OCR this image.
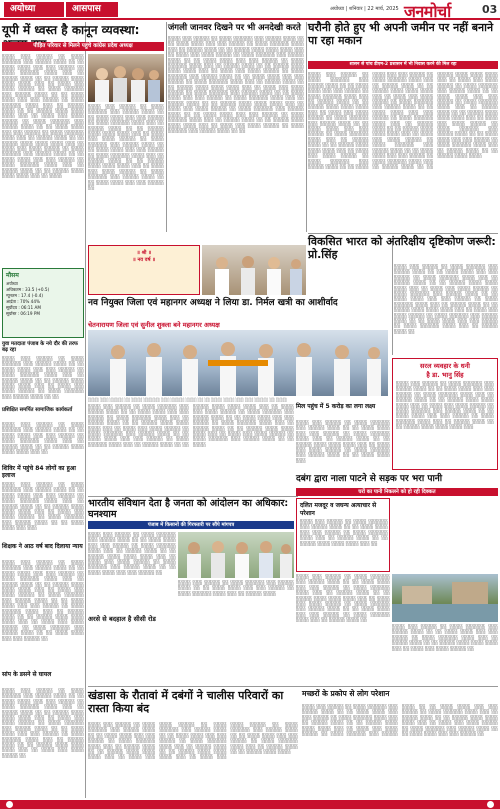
अयोध्या	आसपास	अयोध्या | शनिवार | 22 मार्च, 2025 जनमोर्चा	03
यूपी में ध्वस्त है कानून व्यवस्था:
पीड़ित परिवार से मिलने पहुंचे कांग्रेस प्रदेश अध्यक्ष
░░░░ ░░░ ░░░░░ ░░ ░░░░ ░░░░░░ ░░░ ░░░░░ ░░░░ ░░ ░░ ░░░░ ░░░░ ░░░ ░░░ ░░░░░ ░░ ░░░░ ░░░░░░ ░░░░ ░░░ ░░ ░░░░░ ░░░░ ░░ ░░ ░░░░░ ░░░░ ░░░░ ░░░░ ░░░ ░░ ░░░░ ░░░ ░░░░ ░░░░░ ░░ ░░░░ ░░░░░░ ░░░ ░░░░░ ░░░░ ░░ ░░ ░░░░ ░░░░ ░░░ ░░░ ░░░░░ ░░ ░░░░ ░░░░░░ ░░░░ ░░░ ░░ ░░░░░ ░░░░ ░░ ░░ ░░░░░ ░░░░ ░░░░ ░░░░ ░░░ ░░ ░░░░ ░░░ ░░░░ ░░░░░ ░░ ░░░░ ░░░░░░ ░░░ ░░░░░ ░░░░ ░░ ░░ ░░░░ ░░░░ ░░░ ░░░ ░░░░░ ░░ ░░░░ ░░░░░░ ░░░░ ░░░ ░░ ░░░░░ ░░░░ ░░ ░░ ░░░░░ ░░░░ ░░░░ ░░░░ ░░░ ░░ ░░░░ ░░░ ░░░░ ░░░░░ ░░ ░░░░ ░░░░░░ ░░░ ░░░░░ ░░░░ ░░ ░░ ░░░░ ░░░░ ░░░ ░░░ ░░░░░ ░░ ░░░░ ░░░░░░ ░░░░ ░░░ ░░ ░░░░░ ░░░░ ░░ ░░ ░░░░░ ░░░░ ░░░░ ░░░░ ░░░ ░░ ░░░░
░░░░ ░░░ ░░░░░ ░░ ░░░░ ░░░░░░ ░░░ ░░░░░ ░░░░ ░░ ░░ ░░░░ ░░░░ ░░░ ░░░ ░░░░░ ░░ ░░░░ ░░░░░░ ░░░░ ░░░ ░░ ░░░░░ ░░░░ ░░ ░░ ░░░░░ ░░░░ ░░░░ ░░░░ ░░░ ░░ ░░░░ ░░░ ░░░░ ░░░░░ ░░ ░░░░ ░░░░░░ ░░░ ░░░░░ ░░░░ ░░ ░░ ░░░░ ░░░░ ░░░ ░░░ ░░░░░ ░░ ░░░░ ░░░░░░ ░░░░ ░░░ ░░ ░░░░░ ░░░░ ░░ ░░ ░░░░░ ░░░░ ░░░░ ░░░░ ░░░ ░░ ░░░░ ░░░ ░░░░ ░░░░░ ░░ ░░░░ ░░░░░░ ░░░ ░░░░░ ░░░░ ░░ ░░ ░░░░ ░░░░ ░░░ ░░░ ░░░░░ ░░
जंगली जानवर दिखने पर भी अनदेखी करते
░░░░ ░░░ ░░░░░ ░░ ░░░░ ░░░░░░ ░░░ ░░░░░ ░░░░ ░░ ░░ ░░░░ ░░░░ ░░░ ░░░ ░░░░░ ░░ ░░░░ ░░░░░░ ░░░░ ░░░ ░░ ░░░░░ ░░░░ ░░ ░░ ░░░░░ ░░░░ ░░░░ ░░░░ ░░░ ░░ ░░░░ ░░░ ░░░░ ░░░░░ ░░ ░░░░ ░░░░░░ ░░░ ░░░░░ ░░░░ ░░ ░░ ░░░░ ░░░░ ░░░ ░░░ ░░░░░ ░░ ░░░░ ░░░░░░ ░░░░ ░░░ ░░ ░░░░░ ░░░░ ░░ ░░ ░░░░░ ░░░░ ░░░░ ░░░░ ░░░ ░░ ░░░░ ░░░ ░░░░ ░░░░░ ░░ ░░░░ ░░░░░░ ░░░ ░░░░░ ░░░░ ░░ ░░ ░░░░ ░░░░ ░░░ ░░░ ░░░░░ ░░ ░░░░ ░░░░░░ ░░░░ ░░░ ░░ ░░░░░ ░░░░ ░░ ░░ ░░░░░ ░░░░ ░░░░ ░░░░ ░░░ ░░ ░░░░ ░░░ ░░░░ ░░░░░ ░░ ░░░░ ░░░░░░ ░░░ ░░░░░ ░░░░ ░░ ░░ ░░░░ ░░░░ ░░░ ░░░ ░░░░░ ░░ ░░░░ ░░░░░░ ░░░░ ░░░ ░░ ░░░░░ ░░░░ ░░ ░░ ░░░░░ ░░░░ ░░░░ ░░░░ ░░░ ░░ ░░░░ ░░░ ░░░░ ░░░░░ ░░ ░░░░ ░░░░░░ ░░░ ░░░░░ ░░░░ ░░ ░░ ░░░░ ░░░░ ░░░ ░░░ ░░░░░ ░░ ░░░░ ░░░░░░ ░░░░ ░░░ ░░ ░░░░░ ░░░░ ░░ ░░ ░░░░░ ░░░░ ░░░░ ░░░░ ░░░ ░░ ░░░░ ░░░ ░░░░ ░░░░░ ░░ ░░░░ ░░░░░░ ░░░ ░░░░░ ░░░░ ░░ ░░
घरौनी होते हुए भी अपनी जमीन पर नहीं बनाने पा रहा मकान
शासन से पांच डीएम-2 प्रशासन में भी निवास करने की मिल रहा
░░░░ ░░░ ░░░░░ ░░ ░░░░ ░░░░░░ ░░░ ░░░░░ ░░░░ ░░ ░░ ░░░░ ░░░░ ░░░ ░░░ ░░░░░ ░░ ░░░░ ░░░░░░ ░░░░ ░░░ ░░ ░░░░░ ░░░░ ░░ ░░ ░░░░░ ░░░░ ░░░░ ░░░░ ░░░ ░░ ░░░░ ░░░ ░░░░ ░░░░░ ░░ ░░░░ ░░░░░░ ░░░ ░░░░░ ░░░░ ░░ ░░ ░░░░ ░░░░ ░░░ ░░░ ░░░░░ ░░ ░░░░ ░░░░░░ ░░░░ ░░░ ░░ ░░░░░ ░░░░ ░░ ░░ ░░░░░ ░░░░ ░░░░ ░░░░ ░░░ ░░ ░░░░ ░░░ ░░░░ ░░░░░ ░░ ░░░░ ░░░░░░ ░░░ ░░░░░ ░░░░ ░░ ░░ ░░░░ ░░░░ ░░░ ░░░ ░░░░░ ░░ ░░░░ ░░░░░░ ░░░░ ░░░ ░░ ░░░░░ ░░░░ ░░ ░░ ░░░░░ ░░░░ ░░░░ ░░░░ ░░░ ░░ ░░░░ ░░░ ░░░░ ░░░░░ ░░ ░░░░ ░░░░░░ ░░░ ░░░░░ ░░░░ ░░ ░░ ░░░░ ░░░░ ░░░ ░░░ ░░░░░ ░░ ░░░░ ░░░░░░ ░░░░ ░░░ ░░ ░░░░░ ░░░░ ░░ ░░ ░░░░░ ░░░░ ░░░░ ░░░░ ░░░ ░░ ░░░░ ░░░ ░░░░ ░░░░░ ░░ ░░░░ ░░░░░░ ░░░ ░░░░░ ░░░░ ░░ ░░ ░░░░ ░░░░ ░░░ ░░░ ░░░░░ ░░ ░░░░ ░░░░░░ ░░░░ ░░░ ░░ ░░░░░ ░░░░ ░░ ░░ ░░░░░ ░░░░ ░░░░ ░░░░ ░░░ ░░ ░░░░ ░░░ ░░░░ ░░░░░ ░░ ░░░░ ░░░░░░ ░░░ ░░░░░ ░░░░ ░░ ░░ ░░░░ ░░░░ ░░░ ░░░ ░░░░░ ░░ ░░░░ ░░░░░░ ░░░░ ░░░ ░░ ░░░░░ ░░░░ ░░ ░░ ░░░░░ ░░░░ ░░░░ ░░░░ ░░░ ░░ ░░░░ ░░░ ░░░░ ░░░░░ ░░ ░░░░ ░░░░░░ ░░░ ░░░░░ ░░░░ ░░ ░░ ░░░░ ░░░░ ░░░ ░░░ ░░░░░ ░░ ░░░░ ░░░░░░ ░░░░ ░░░ ░░ ░░░░░ ░░░░ ░░ ░░ ░░░░░ ░░░░ ░░░░
विकसित भारत को अंतरिक्षीय दृष्टिकोण जरूरी: प्रो.सिंह
░░░░ ░░░ ░░░░░ ░░ ░░░░ ░░░░░░ ░░░ ░░░░░ ░░░░ ░░ ░░ ░░░░ ░░░░ ░░░ ░░░ ░░░░░ ░░ ░░░░ ░░░░░░ ░░░░ ░░░ ░░ ░░░░░ ░░░░ ░░ ░░ ░░░░░ ░░░░ ░░░░ ░░░░ ░░░ ░░ ░░░░ ░░░ ░░░░ ░░░░░ ░░ ░░░░ ░░░░░░ ░░░ ░░░░░ ░░░░ ░░ ░░ ░░░░ ░░░░ ░░░ ░░░ ░░░░░ ░░ ░░░░ ░░░░░░ ░░░░ ░░░ ░░ ░░░░░ ░░░░ ░░ ░░ ░░░░░ ░░░░ ░░░░ ░░░░ ░░░ ░░ ░░░░ ░░░ ░░░░ ░░░░░ ░░ ░░░░ ░░░░░░ ░░░ ░░░░░ ░░░░ ░░ ░░ ░░░░ ░░░░ ░░░ ░░░ ░░░░░ ░░ ░░░░ ░░░░░░ ░░░░ ░░░ ░░ ░░░░░ ░░░░ ░░
मौसम
अयोध्या
अधिकतम : 33.5 (+0.5)
न्यूनतम : 17.4 (-0.4)
आर्द्रता : 70% 44%
सूर्योदय : 06:11 AM
सूर्यास्त : 06:19 PM
युवा मतदाता पंजाब के नये दौर की तरफ बढ़ रहा
░░░░ ░░░ ░░░░░ ░░ ░░░░ ░░░░░░ ░░░ ░░░░░ ░░░░ ░░ ░░ ░░░░ ░░░░ ░░░ ░░░ ░░░░░ ░░ ░░░░ ░░░░░░ ░░░░ ░░░ ░░ ░░░░░ ░░░░ ░░ ░░ ░░░░░ ░░░░ ░░░░ ░░░░ ░░░ ░░ ░░░░ ░░░ ░░░░ ░░░░░ ░░ ░░░░ ░░░░░░ ░░░ ░░░░░ ░░░░ ░░ ░░
प्रशिक्षित समर्पित सामाजिक कार्यकर्ता
░░░░ ░░░ ░░░░░ ░░ ░░░░ ░░░░░░ ░░░ ░░░░░ ░░░░ ░░ ░░ ░░░░ ░░░░ ░░░ ░░░ ░░░░░ ░░ ░░░░ ░░░░░░ ░░░░ ░░░ ░░ ░░░░░ ░░░░ ░░ ░░ ░░░░░ ░░░░ ░░░░ ░░░░ ░░░ ░░
शिविर में पहुंचे 84 लोगों का हुआ इलाज
░░░░ ░░░ ░░░░░ ░░ ░░░░ ░░░░░░ ░░░ ░░░░░ ░░░░ ░░ ░░ ░░░░ ░░░░ ░░░ ░░░ ░░░░░ ░░ ░░░░ ░░░░░░ ░░░░ ░░░ ░░ ░░░░░ ░░░░ ░░ ░░ ░░░░░ ░░░░ ░░░░ ░░░░ ░░░ ░░ ░░░░ ░░░ ░░░░ ░░░░░ ░░ ░░░░ ░░░░░░ ░░░ ░░░░░ ░░░░ ░░ ░░ ░░░░ ░░░░ ░░░ ░░░
शिक्षक ने आठ वर्ष बाद दिलाया न्याय
░░░░ ░░░ ░░░░░ ░░ ░░░░ ░░░░░░ ░░░ ░░░░░ ░░░░ ░░ ░░ ░░░░ ░░░░ ░░░ ░░░ ░░░░░ ░░ ░░░░ ░░░░░░ ░░░░ ░░░ ░░ ░░░░░ ░░░░ ░░ ░░ ░░░░░ ░░░░ ░░░░ ░░░░ ░░░ ░░ ░░░░ ░░░ ░░░░ ░░░░░ ░░ ░░░░ ░░░░░░ ░░░ ░░░░░ ░░░░ ░░ ░░ ░░░░ ░░░░ ░░░ ░░░ ░░░░░ ░░ ░░░░ ░░░░░░ ░░░░ ░░░ ░░ ░░░░░ ░░░░ ░░ ░░ ░░░░░ ░░░░ ░░░░ ░░░░ ░░░ ░░ ░░░░ ░░░ ░░░░ ░░░░░ ░░ ░░░░ ░░░░░░ ░░░ ░░░░░ ░░░░ ░░ ░░ ░░░░ ░░░░ ░░░ ░░░ ░░░░░ ░░
सांप के डसने से घायल
░░░░ ░░░ ░░░░░ ░░ ░░░░ ░░░░░░ ░░░ ░░░░░ ░░░░ ░░ ░░ ░░░░ ░░░░ ░░░ ░░░ ░░░░░ ░░ ░░░░ ░░░░░░ ░░░░ ░░░ ░░ ░░░░░ ░░░░ ░░ ░░ ░░░░░ ░░░░ ░░░░ ░░░░ ░░░ ░░ ░░░░ ░░░ ░░░░ ░░░░░ ░░ ░░░░ ░░░░░░ ░░░ ░░░░░ ░░░░ ░░ ░░ ░░░░ ░░░░ ░░░ ░░░ ░░░░░ ░░ ░░░░ ░░░░░░ ░░░░ ░░░ ░░ ░░░░░ ░░░░ ░░ ░░ ░░░░░ ░░░░ ░░░░ ░░░░ ░░░ ░░ ░░░░ ░░░ ░░░░ ░░░░░ ░░
॥ श्री ॥
॥ नव वर्ष ॥
नव नियुक्त जिला एवं महानगर अध्यक्ष ने लिया डा. निर्मल खत्री का आशीर्वाद
चेतनारायण जिला एवं सुनील शुक्ला बने महानगर अध्यक्ष
░░░░ ░░░ ░░░░░ ░░ ░░░░ ░░░░░░ ░░░ ░░░░░ ░░░░ ░░ ░░ ░░░░ ░░░░ ░░░ ░░░ ░░░░░ ░░ ░░░░
░░░░ ░░░ ░░░░░ ░░ ░░░░ ░░░░░░ ░░░ ░░░░░ ░░░░ ░░ ░░ ░░░░ ░░░░ ░░░ ░░░ ░░░░░ ░░ ░░░░ ░░░░░░ ░░░░ ░░░ ░░ ░░░░░ ░░░░ ░░ ░░ ░░░░░ ░░░░ ░░░░ ░░░░ ░░░ ░░ ░░░░ ░░░ ░░░░ ░░░░░ ░░ ░░░░ ░░░░░░ ░░░ ░░░░░ ░░░░ ░░ ░░ ░░░░ ░░░░ ░░░ ░░░ ░░░░░ ░░ ░░░░ ░░░░░░ ░░░░ ░░░ ░░ ░░░░░ ░░░░ ░░ ░░ ░░░░░ ░░░░ ░░░░ ░░░░ ░░░ ░░ ░░░░ ░░░ ░░░░ ░░░░░ ░░ ░░░░ ░░░░░░ ░░░ ░░░░░ ░░░░ ░░ ░░ ░░░░ ░░░░ ░░░ ░░░ ░░░░░ ░░ ░░░░ ░░░░░░ ░░░░ ░░░ ░░ ░░░░░ ░░░░ ░░ ░░ ░░░░░ ░░░░ ░░░░ ░░░░ ░░░ ░░ ░░░░ ░░░ ░░░░ ░░░░░ ░░ ░░░░ ░░░░░░ ░░░ ░░░░░ ░░░░ ░░ ░░ ░░░░
सरल व्यवहार के धनी
है डा. भानु सिंह
░░░░ ░░░ ░░░░░ ░░ ░░░░ ░░░░░░ ░░░ ░░░░░ ░░░░ ░░ ░░ ░░░░ ░░░░ ░░░ ░░░ ░░░░░ ░░ ░░░░ ░░░░░░ ░░░░ ░░░ ░░ ░░░░░ ░░░░ ░░ ░░ ░░░░░ ░░░░ ░░░░ ░░░░ ░░░ ░░ ░░░░ ░░░ ░░░░ ░░░░░ ░░ ░░░░ ░░░░░░ ░░░ ░░░░░ ░░░░ ░░ ░░ ░░░░ ░░░░ ░░░ ░░░ ░░░░░ ░░ ░░░░ ░░░░░░ ░░░░ ░░░ ░░ ░░░░░ ░░░░ ░░ ░░ ░░░░░ ░░░░ ░░░░ ░░░░ ░░░
मिल पहुंच में 5 करोड़ का लगा लक्ष्य
░░░░ ░░░ ░░░░░ ░░ ░░░░ ░░░░░░ ░░░ ░░░░░ ░░░░ ░░ ░░ ░░░░ ░░░░ ░░░ ░░░ ░░░░░ ░░ ░░░░ ░░░░░░ ░░░░ ░░░ ░░ ░░░░░ ░░░░ ░░ ░░ ░░░░░ ░░░░ ░░░░ ░░░░ ░░░ ░░ ░░░░ ░░░ ░░░░ ░░░░░ ░░ ░░░░ ░░░░░░ ░░░ ░░░░░ ░░░░ ░░ ░░ ░░░░ ░░░░ ░░░
भारतीय संविधान देता है जनता को आंदोलन का अधिकार: घनश्याम
पंजाब में किसानों की गिरफ्तारी पर सौंपे मांगपत्र
░░░░ ░░░ ░░░░░ ░░ ░░░░ ░░░░░░ ░░░ ░░░░░ ░░░░ ░░ ░░ ░░░░ ░░░░ ░░░ ░░░ ░░░░░ ░░ ░░░░ ░░░░░░ ░░░░ ░░░ ░░ ░░░░░ ░░░░ ░░ ░░ ░░░░░ ░░░░ ░░░░ ░░░░ ░░░ ░░ ░░░░ ░░░ ░░░░ ░░░░░ ░░ ░░░░ ░░░░░░ ░░░ ░░░░░ ░░░░ ░░ ░░ ░░░░ ░░░░ ░░░ ░░░ ░░░░░ ░░
░░░░ ░░░ ░░░░░ ░░ ░░░░ ░░░░░░ ░░░ ░░░░░ ░░░░ ░░ ░░ ░░░░ ░░░░ ░░░ ░░░ ░░░░░ ░░ ░░░░ ░░░░░░ ░░░░ ░░░ ░░ ░░░░░ ░░░░
अरसे से बदहाल है सीसी रोड
दलित मजदूर व जघन्य अत्याचार से परेशान
░░░░ ░░░ ░░░░░ ░░ ░░░░ ░░░░░░ ░░░ ░░░░░ ░░░░ ░░ ░░ ░░░░ ░░░░ ░░░ ░░░ ░░░░░ ░░ ░░░░ ░░░░░░ ░░░░ ░░░ ░░ ░░░░░ ░░░░ ░░ ░░ ░░░░░ ░░░░ ░░░░ ░░░░ ░░░ ░░
दबंग द्वारा नाला पाटने से सड़क पर भरा पानी
घरों का पानी निकलने को हो रही दिक्कत
░░░░ ░░░ ░░░░░ ░░ ░░░░ ░░░░░░ ░░░ ░░░░░ ░░░░ ░░ ░░ ░░░░ ░░░░ ░░░ ░░░ ░░░░░ ░░ ░░░░ ░░░░░░ ░░░░ ░░░ ░░ ░░░░░ ░░░░ ░░ ░░ ░░░░░ ░░░░ ░░░░ ░░░░ ░░░ ░░ ░░░░ ░░░ ░░░░ ░░░░░ ░░
░░░░ ░░░ ░░░░░ ░░ ░░░░ ░░░░░░ ░░░ ░░░░░ ░░░░ ░░ ░░ ░░░░ ░░░░ ░░░ ░░░ ░░░░░ ░░ ░░░░ ░░░░░░ ░░░░ ░░░ ░░ ░░░░░ ░░░░ ░░ ░░ ░░░░░ ░░░░ ░░░░ ░░░░ ░░░ ░░ ░░░░ ░░░ ░░░░ ░░░░░ ░░ ░░░░ ░░░░░░ ░░░ ░░░░░ ░░░░ ░░ ░░ ░░░░ ░░░░ ░░░ ░░░ ░░░░░ ░░ ░░░░ ░░░░░░ ░░░░ ░░░ ░░ ░░░░░ ░░░░ ░░
खंडासा के रौतावां में दबंगों ने चालीस परिवारों का रास्ता किया बंद
░░░░ ░░░ ░░░░░ ░░ ░░░░ ░░░░░░ ░░░ ░░░░░ ░░░░ ░░ ░░ ░░░░ ░░░░ ░░░ ░░░ ░░░░░ ░░ ░░░░ ░░░░░░ ░░░░ ░░░ ░░ ░░░░░ ░░░░ ░░ ░░ ░░░░░ ░░░░ ░░░░ ░░░░ ░░░ ░░ ░░░░ ░░░ ░░░░ ░░░░░ ░░ ░░░░ ░░░░░░ ░░░ ░░░░░ ░░░░ ░░ ░░ ░░░░ ░░░░ ░░░ ░░░ ░░░░░ ░░ ░░░░ ░░░░░░ ░░░░ ░░░ ░░ ░░░░░ ░░░░ ░░ ░░ ░░░░░ ░░░░ ░░░░ ░░░░ ░░░ ░░ ░░░░ ░░░ ░░░░ ░░░░░ ░░ ░░░░ ░░░░░░ ░░░ ░░░░░ ░░░░ ░░ ░░ ░░░░ ░░░░ ░░░ ░░░ ░░░░░ ░░ ░░░░ ░░░░░░ ░░░░ ░░░ ░░ ░░░░░ ░░░░ ░░ ░░ ░░░░░ ░░░░ ░░░░
मच्छरों के प्रकोप से लोग परेशान
░░░░ ░░░ ░░░░░ ░░ ░░░░ ░░░░░░ ░░░ ░░░░░ ░░░░ ░░ ░░ ░░░░ ░░░░ ░░░ ░░░ ░░░░░ ░░ ░░░░ ░░░░░░ ░░░░ ░░░ ░░ ░░░░░ ░░░░ ░░ ░░ ░░░░░ ░░░░ ░░░░ ░░░░ ░░░ ░░ ░░░░ ░░░ ░░░░ ░░░░░ ░░ ░░░░ ░░░░░░ ░░░ ░░░░░ ░░░░ ░░ ░░ ░░░░ ░░░░ ░░░ ░░░ ░░░░░ ░░ ░░░░ ░░░░░░ ░░░░ ░░░ ░░ ░░░░░ ░░░░ ░░ ░░ ░░░░░ ░░░░ ░░░░ ░░░░ ░░░ ░░ ░░░░ ░░░ ░░░░ ░░░░░ ░░ ░░░░ ░░░░░░ ░░░ ░░░░░ ░░░░ ░░ ░░ ░░░░ ░░░░ ░░░ ░░░ ░░░░░ ░░
